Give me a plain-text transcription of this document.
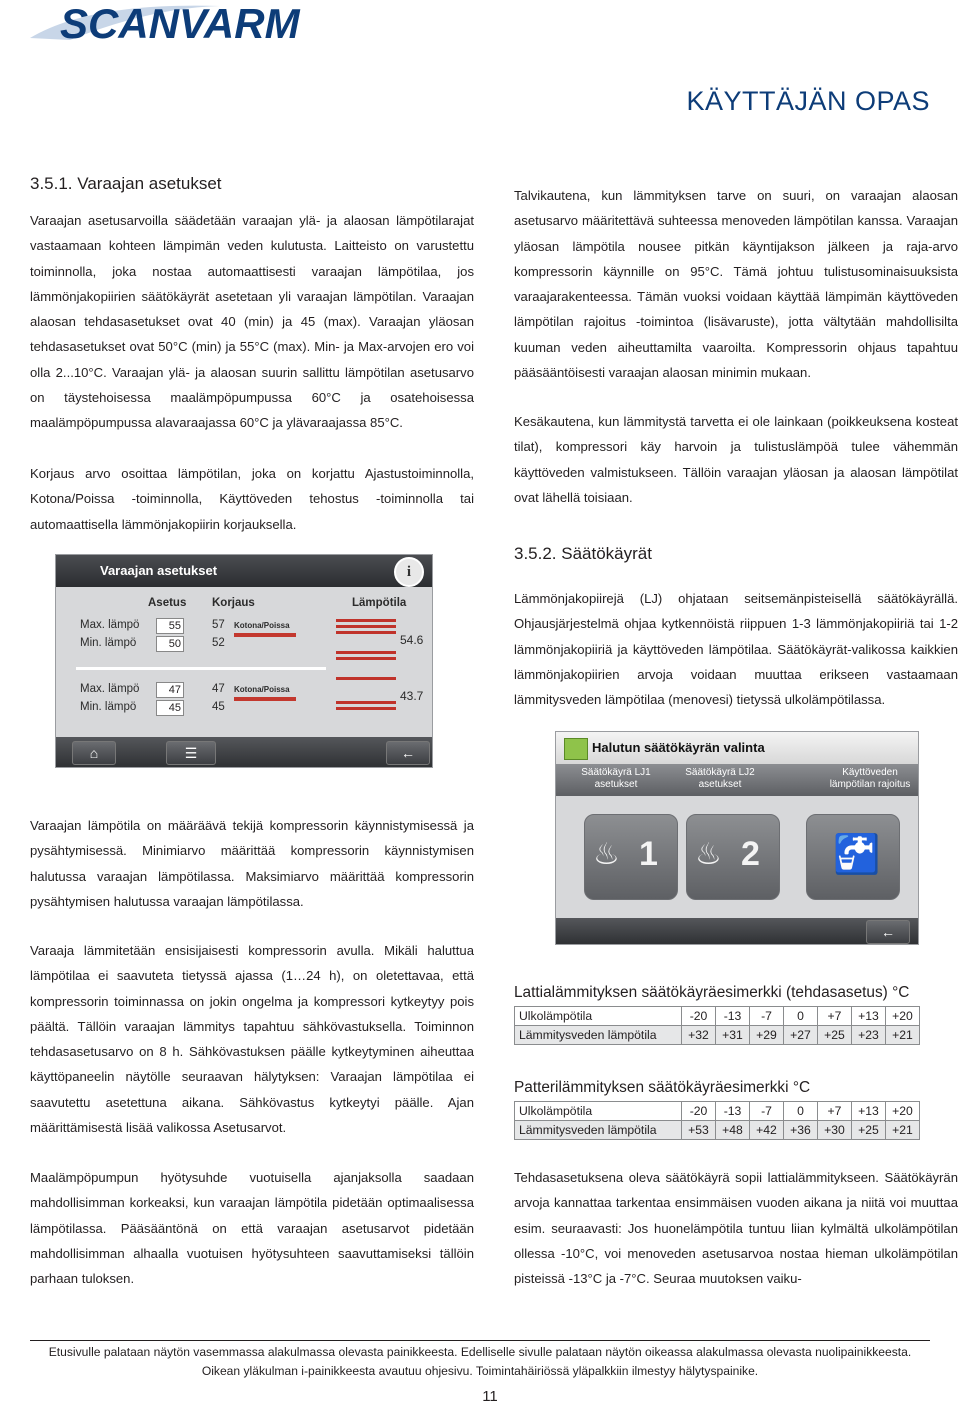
SCANVARM
KÄYTTÄJÄN OPAS
3.5.1. Varaajan asetukset

Varaajan asetusarvoilla säädetään varaajan ylä- ja alaosan lämpötilarajat vastaamaan kohteen lämpimän veden kulutusta. Laitteisto on varustettu toiminnolla, joka nostaa automaattisesti varaajan lämpötilaa, jos lämmönjakopiirien säätökäyrät asetetaan yli varaajan lämpötilan. Varaajan alaosan tehdasasetukset ovat 40 (min) ja 45 (max). Varaajan yläosan tehdasasetukset ovat 50°C (min) ja 55°C (max). Min- ja Max-arvojen ero voi olla 2...10°C. Varaajan ylä- ja alaosan suurin sallittu lämpötilan asetusarvo on täystehoisessa maalämpöpumpussa 60°C ja osatehoisessa maalämpöpumpussa alavaraajassa 60°C ja ylävaraajassa 85°C.

Korjaus arvo osoittaa lämpötilan, joka on korjattu Ajastustoiminnolla, Kotona/Poissa -toiminnolla, Käyttöveden tehostus -toiminnolla tai automaattisella lämmönjakopiirin korjauksella.

Varaajan asetukset	i
Asetus Korjaus	Lämpötila
Max. lämpö	55	57 Kotona/Poissa
Min. lämpö	50	52	54.6
Max. lämpö	47	47 Kotona/Poissa
Min. lämpö	45	45
43.7
⌂	☰	←

Varaajan lämpötila on määräävä tekijä kompressorin käynnistymisessä ja pysähtymisessä. Minimiarvo määrittää kompressorin käynnistymisen halutussa varaajan lämpötilassa. Maksimiarvo määrittää kompressorin pysähtymisen halutussa varaajan lämpötilassa.

Varaaja lämmitetään ensisijaisesti kompressorin avulla. Mikäli haluttua lämpötilaa ei saavuteta tietyssä ajassa (1…24 h), on oletettavaa, että kompressorin toiminnassa on jokin ongelma ja kompressori kytkeytyy pois päältä. Tällöin varaajan lämmitys tapahtuu sähkövastuksella. Toiminnon tehdasasetusarvo on 8 h. Sähkövastuksen päälle kytkeytyminen aiheuttaa käyttöpaneelin näytölle seuraavan hälytyksen: Varaajan lämpötilaa ei saavutettu asetettuna aikana. Sähkövastus kytkeytyi päälle. Ajan määrittämisestä lisää valikossa Asetusarvot.

Maalämpöpumpun hyötysuhde vuotuisella ajanjaksolla saadaan mahdollisimman korkeaksi, kun varaajan lämpötila pidetään optimaalisessa lämpötilassa. Pääsääntönä on että varaajan asetusarvot pidetään mahdollisimman alhaalla vuotuisen hyötysuhteen saavuttamiseksi tällöin parhaan tuloksen.

Talvikautena, kun lämmityksen tarve on suuri, on varaajan alaosan asetusarvo määritettävä suhteessa menoveden lämpötilan kanssa. Varaajan yläosan lämpötila nousee pitkän käyntijakson jälkeen ja raja-arvo kompressorin käynnille on 95°C. Tämä johtuu tulistusominaisuuksista varaajarakenteessa. Tämän vuoksi voidaan käyttää lämpimän käyttöveden lämpötilan rajoitus -toimintoa (lisävaruste), jotta vältytään mahdollisilta kuuman veden aiheuttamilta vaaroilta. Kompressorin ohjaus tapahtuu pääsääntöisesti varaajan alaosan minimin mukaan.

Kesäkautena, kun lämmitystä tarvetta ei ole lainkaan (poikkeuksena kosteat tilat), kompressori käy harvoin ja tulistuslämpöä tulee vähemmän käyttöveden valmistukseen. Tällöin varaajan yläosan ja alaosan lämpötilat ovat lähellä toisiaan.

3.5.2. Säätökäyrät

Lämmönjakopiirejä (LJ) ohjataan seitsemänpisteisellä säätökäyrällä. Ohjausjärjestelmä ohjaa kytkennöistä riippuen 1-3 lämmönjakopiiriä tai 1-2 lämmönjakopiiriä ja käyttöveden lämpötilaa. Säätökäyrät-valikossa kaikkien lämmönjakopiirien arvoja voidaan muuttaa erikseen vastaamaan lämmitysveden lämpötilaa (menovesi) tietyssä ulkolämpötilassa.

Halutun säätökäyrän valinta
Säätökäyrä LJ1 asetukset
Säätökäyrä LJ2 asetukset
Käyttöveden lämpötilan rajoitus
♨ 1 ♨ 2 🚰
←
Lattialämmityksen säätökäyräesimerkki (tehdasasetus) °C
Ulkolämpötila	-20	-13	-7	0	+7	+13	+20
Lämmitysveden lämpötila	+32	+31	+29	+27	+25	+23	+21
Patterilämmityksen säätökäyräesimerkki °C
Ulkolämpötila	-20	-13	-7	0	+7	+13	+20
Lämmitysveden lämpötila	+53	+48	+42	+36	+30	+25	+21

Tehdasasetuksena oleva säätökäyrä sopii lattialämmitykseen. Säätökäyrän arvoja kannattaa tarkentaa ensimmäisen vuoden aikana ja niitä voi muuttaa esim. seuraavasti: Jos huonelämpötila tuntuu liian kylmältä ulkolämpötilan ollessa -10°C, voi menoveden asetusarvoa nostaa hieman ulkolämpötilan pisteissä -13°C ja -7°C. Seuraa muutoksen vaiku-

Etusivulle palataan näytön vasemmassa alakulmassa olevasta painikkeesta. Edelliselle sivulle palataan näytön oikeassa alakulmassa olevasta nuolipainikkeesta. Oikean yläkulman i-painikkeesta avautuu ohjesivu. Toimintahäiriössä yläpalkkiin ilmestyy hälytyspainike.
11
